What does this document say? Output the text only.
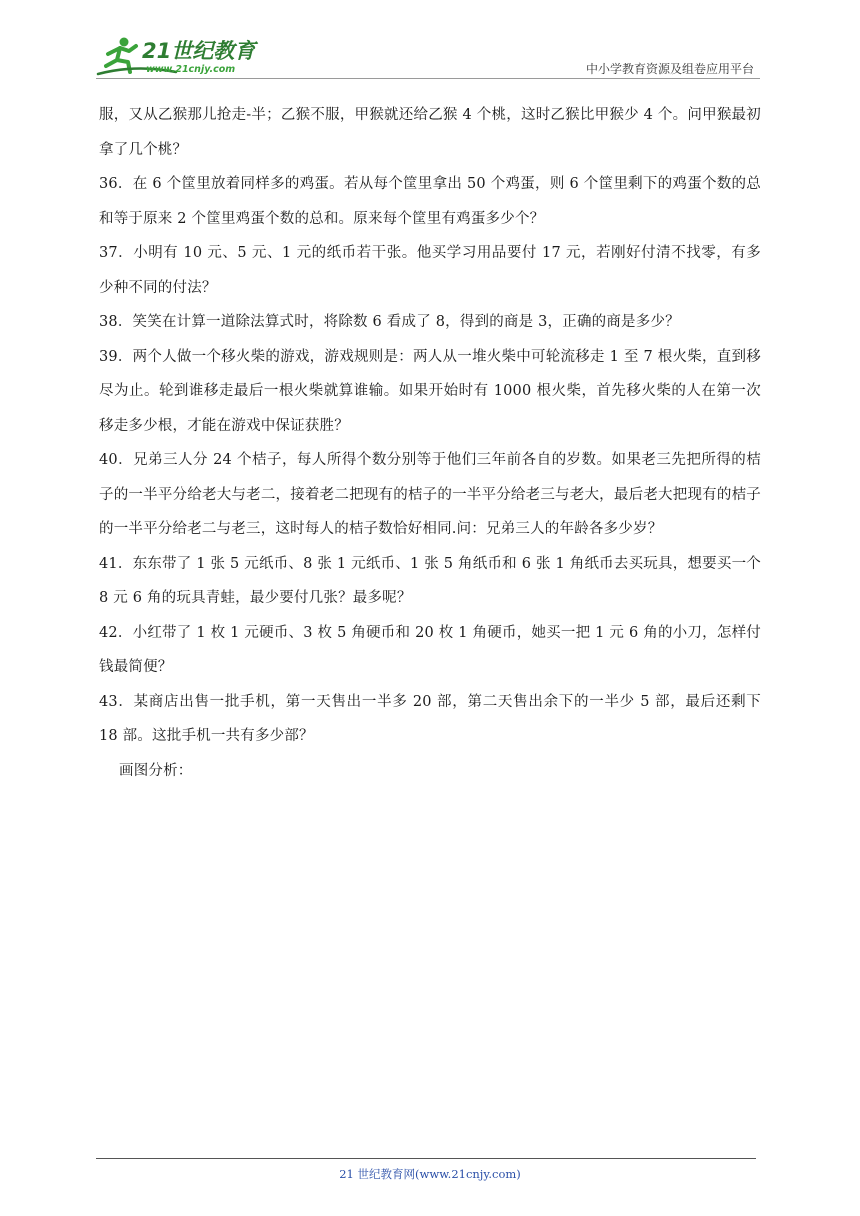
21世纪教育
www.21cnjy.com	中小学教育资源及组卷应用平台

服，又从乙猴那儿抢走-半；乙猴不服，甲猴就还给乙猴 4 个桃，这时乙猴比甲猴少 4 个。问甲猴最初拿了几个桃？

36．在 6 个筐里放着同样多的鸡蛋。若从每个筐里拿出 50 个鸡蛋，则 6 个筐里剩下的鸡蛋个数的总和等于原来 2 个筐里鸡蛋个数的总和。原来每个筐里有鸡蛋多少个？

37．小明有 10 元、5 元、1 元的纸币若干张。他买学习用品要付 17 元，若刚好付清不找零，有多少种不同的付法？

38．笑笑在计算一道除法算式时，将除数 6 看成了 8，得到的商是 3，正确的商是多少？

39．两个人做一个移火柴的游戏，游戏规则是：两人从一堆火柴中可轮流移走 1 至 7 根火柴，直到移尽为止。轮到谁移走最后一根火柴就算谁输。如果开始时有 1000 根火柴，首先移火柴的人在第一次移走多少根，才能在游戏中保证获胜？

40．兄弟三人分 24 个桔子，每人所得个数分别等于他们三年前各自的岁数。如果老三先把所得的桔子的一半平分给老大与老二，接着老二把现有的桔子的一半平分给老三与老大，最后老大把现有的桔子的一半平分给老二与老三，这时每人的桔子数恰好相同.问：兄弟三人的年龄各多少岁？

41．东东带了 1 张 5 元纸币、8 张 1 元纸币、1 张 5 角纸币和 6 张 1 角纸币去买玩具，想要买一个 8 元 6 角的玩具青蛙，最少要付几张？最多呢？

42．小红带了 1 枚 1 元硬币、3 枚 5 角硬币和 20 枚 1 角硬币，她买一把 1 元 6 角的小刀，怎样付钱最简便？

43．某商店出售一批手机，第一天售出一半多 20 部，第二天售出余下的一半少 5 部，最后还剩下 18 部。这批手机一共有多少部？

画图分析：

21 世纪教育网(www.21cnjy.com)
